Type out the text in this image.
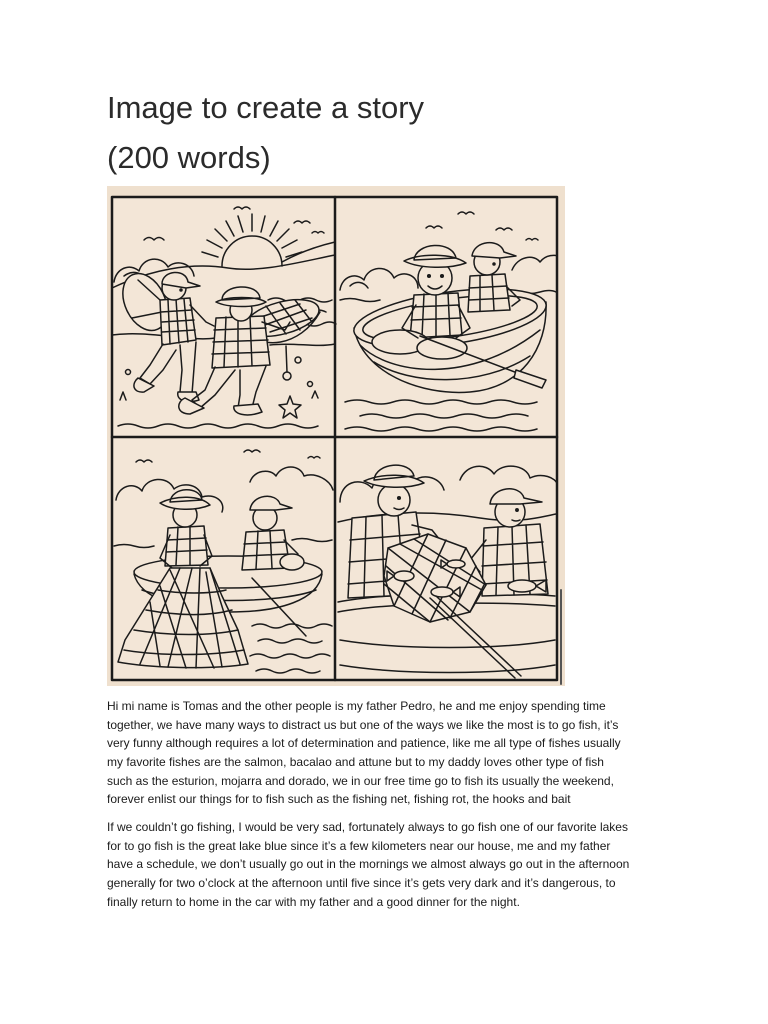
Image to create a story
(200 words)
Hi mi name is Tomas and the other people is my father Pedro, he and me enjoy spending time
together, we have many ways to distract us but one of the ways we like the most is to go fish, it’s
very funny although requires a lot of determination and patience, like me all type of fishes usually
my favorite fishes are the salmon, bacalao and attune but to my daddy loves other type of fish
such as the esturion, mojarra and dorado, we in our free time go to fish its usually the weekend,
forever enlist our things for to fish such as the fishing net, fishing rot, the hooks and bait
If we couldn’t go fishing, I would be very sad, fortunately always to go fish one of our favorite lakes
for to go fish is the great lake blue since it’s a few kilometers near our house, me and my father
have a schedule, we don’t usually go out in the mornings we almost always go out in the afternoon
generally for two o’clock at the afternoon until five since it’s gets very dark and it’s dangerous, to
finally return to home in the car with my father and a good dinner for the night.
